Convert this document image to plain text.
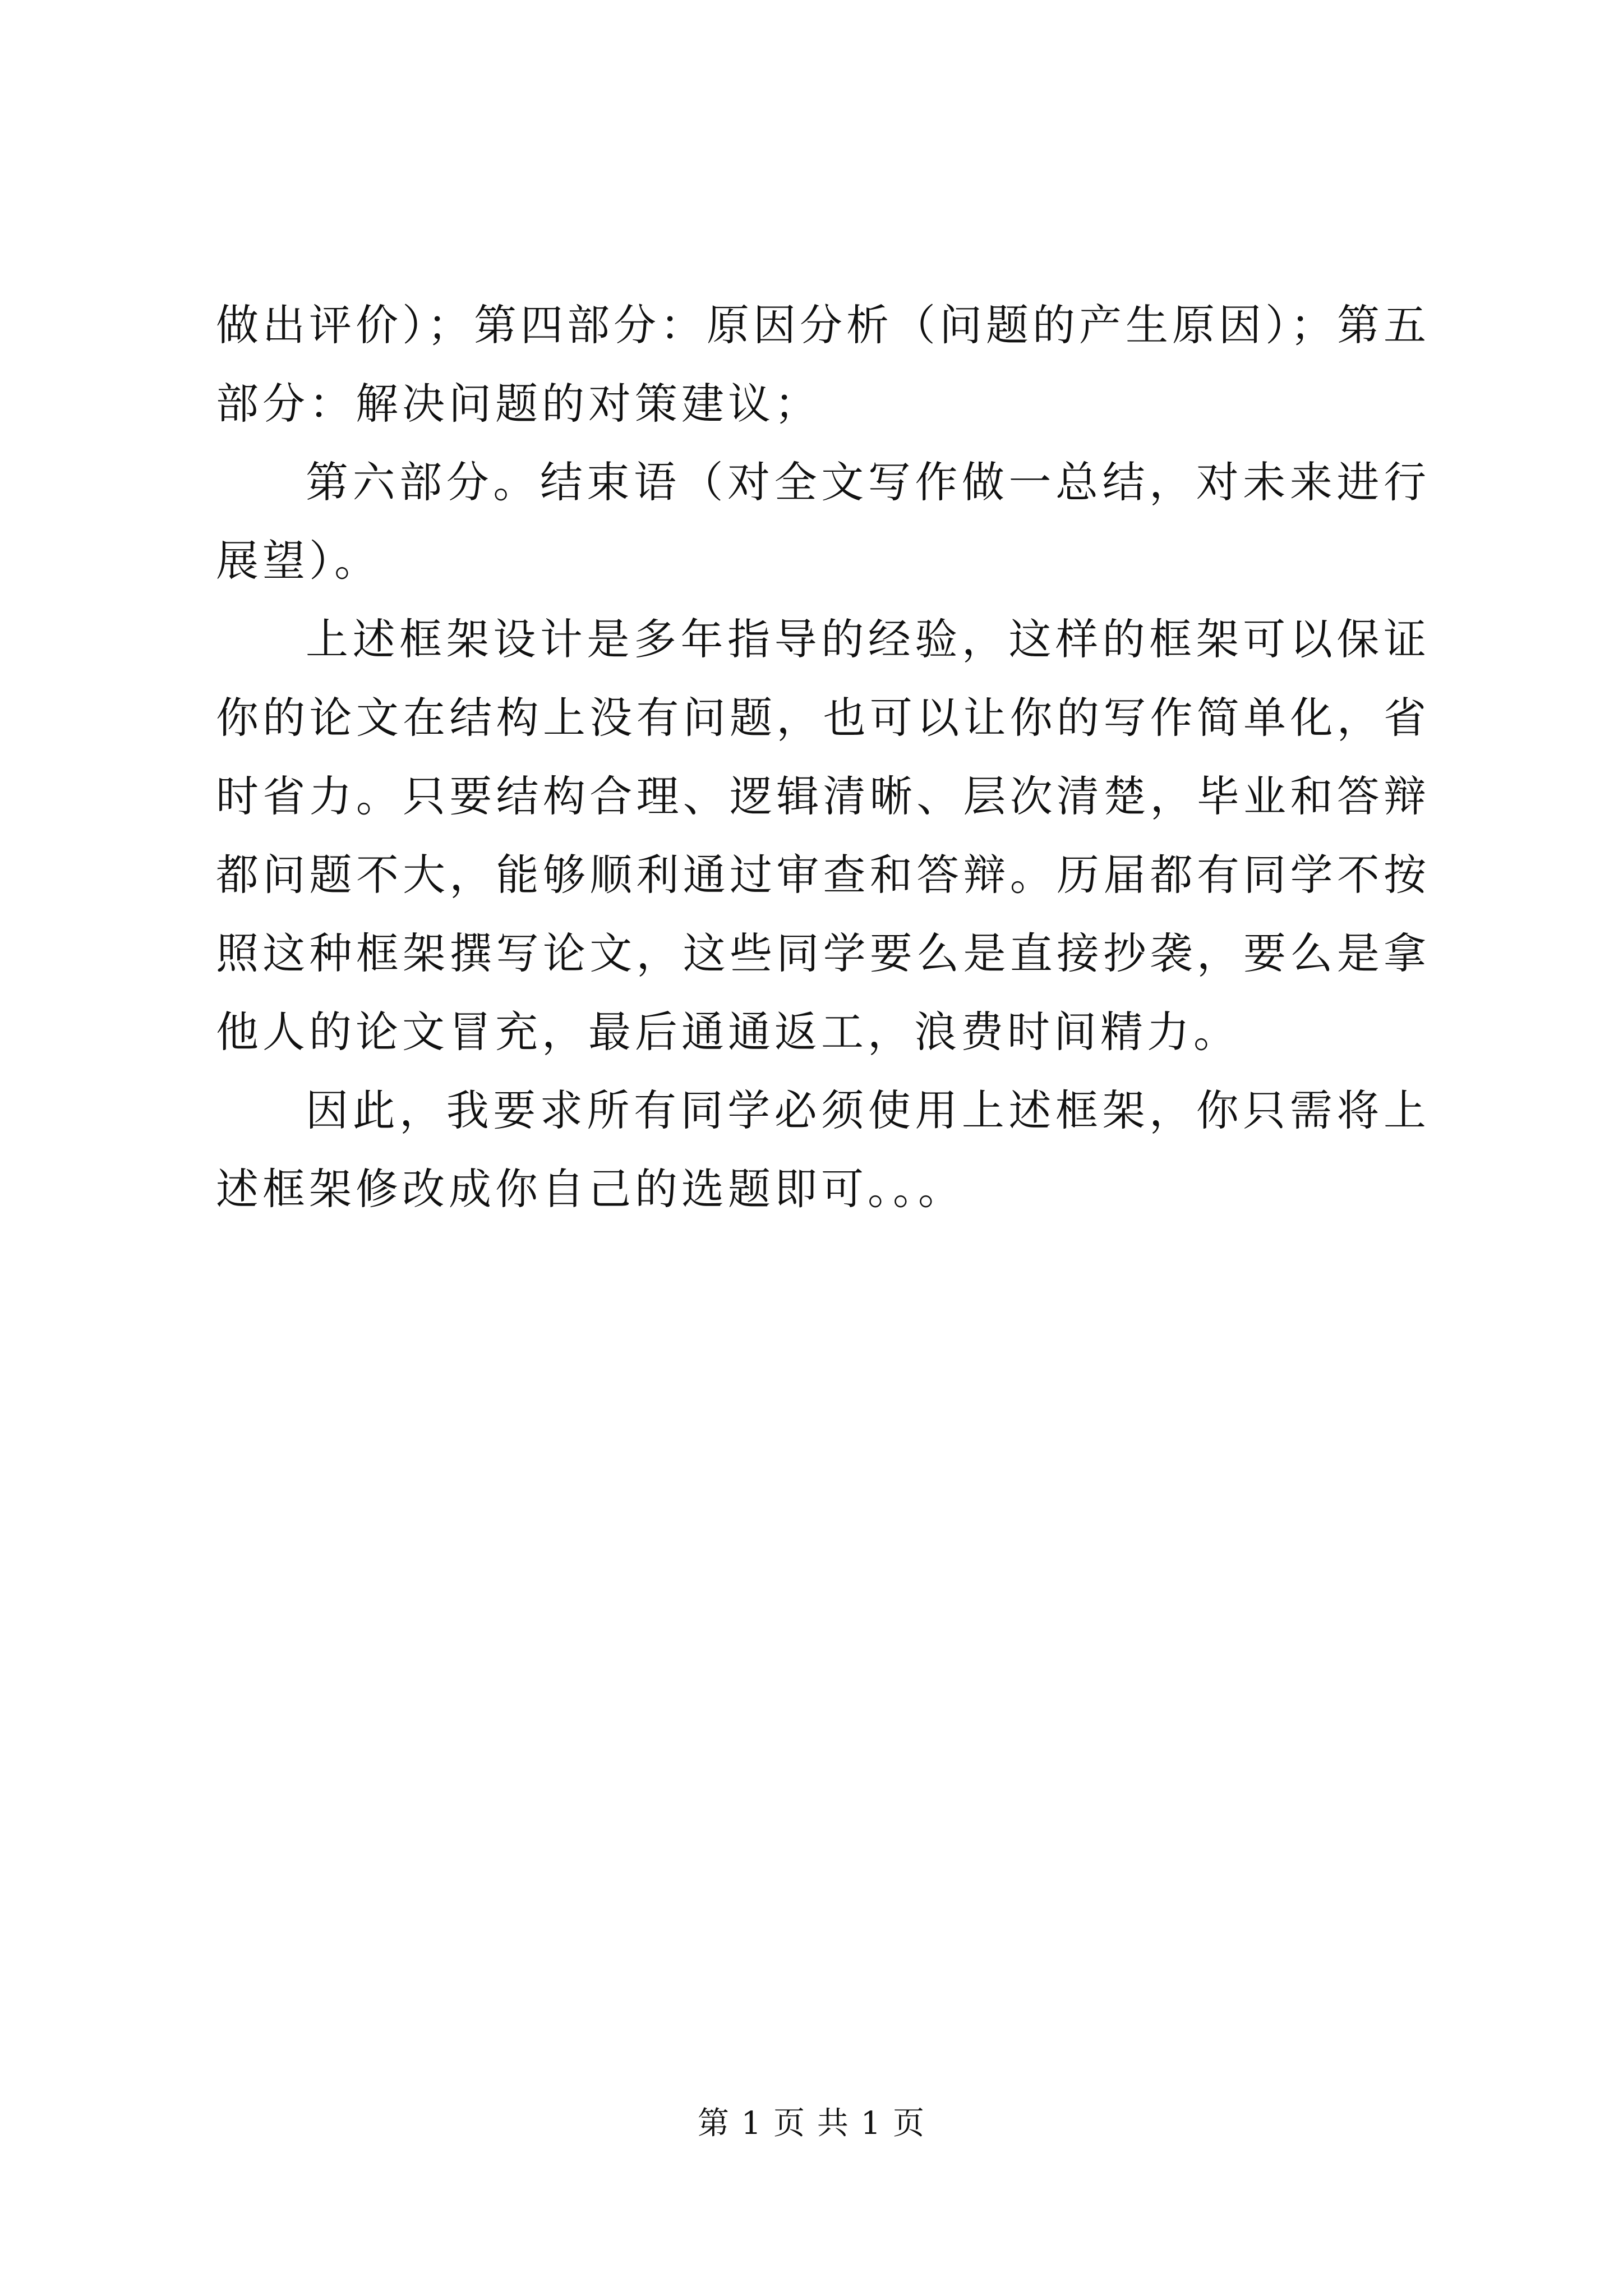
做出评价）；第四部分：原因分析（问题的产生原因）；第五部分：解决问题的对策建议；

第六部分。结束语（对全文写作做一总结，对未来进行展望）。

上述框架设计是多年指导的经验，这样的框架可以保证你的论文在结构上没有问题，也可以让你的写作简单化，省时省力。只要结构合理、逻辑清晰、层次清楚，毕业和答辩都问题不大，能够顺利通过审查和答辩。历届都有同学不按照这种框架撰写论文，这些同学要么是直接抄袭，要么是拿他人的论文冒充，最后通通返工，浪费时间精力。

因此，我要求所有同学必须使用上述框架，你只需将上述框架修改成你自己的选题即可。。。

第 1 页 共 1 页
